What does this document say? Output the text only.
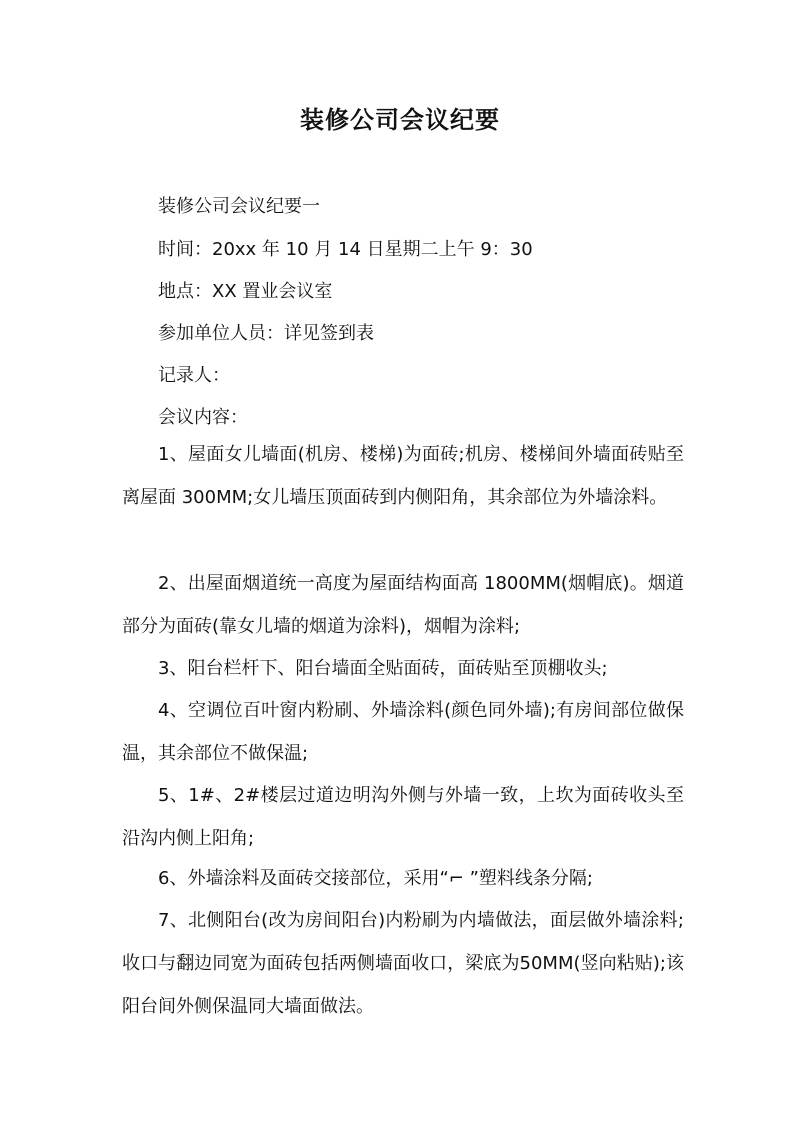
装修公司会议纪要
装修公司会议纪要一
时间：20xx 年 10 月 14 日星期二上午 9：30
地点：XX 置业会议室
参加单位人员：详见签到表
记录人：
会议内容：

1、屋面女儿墙面(机房、楼梯)为面砖;机房、楼梯间外墙面砖贴至离屋面 300MM;女儿墙压顶面砖到内侧阳角，其余部位为外墙涂料。

2、出屋面烟道统一高度为屋面结构面高 1800MM(烟帽底)。烟道部分为面砖(靠女儿墙的烟道为涂料)，烟帽为涂料;

3、阳台栏杆下、阳台墙面全贴面砖，面砖贴至顶棚收头;

4、空调位百叶窗内粉刷、外墙涂料(颜色同外墙);有房间部位做保温，其余部位不做保温;

5、1#、2#楼层过道边明沟外侧与外墙一致，上坎为面砖收头至沿沟内侧上阳角;

6、外墙涂料及面砖交接部位，采用“⌐ ”塑料线条分隔;

7、北侧阳台(改为房间阳台)内粉刷为内墙做法，面层做外墙涂料;收口与翻边同宽为面砖包括两侧墙面收口，梁底为50MM(竖向粘贴);该阳台间外侧保温同大墙面做法。
